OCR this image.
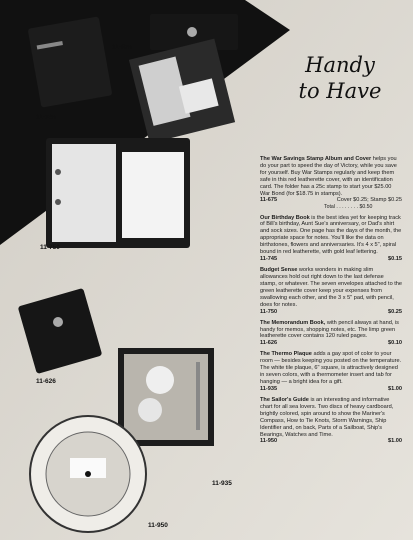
11-675
11-745
11-750
11-626
11-935
11-950
Handy
to Have

The War Savings Stamp Album and Cover helps you do your part to speed the day of Victory, while you save for yourself. Buy War Stamps regularly and keep them safe in this red leatherette cover, with an identification card. The folder has a 25c stamp to start your $25.00 War Bond (for $18.75 in stamps).
11-675	Cover $0.25; Stamp $0.25
Total . . . . . . . . $0.50

Our Birthday Book is the best idea yet for keeping track of Bill's birthday, Aunt Sue's anniversary, or Dad's shirt and sock sizes. One page has the days of the month, the appropriate space for notes. You'll like the data on birthstones, flowers and anniversaries. It's 4 x 5", spiral bound in red leatherette, with gold leaf lettering.
11-745	$0.15

Budget Sense works wonders in making slim allowances hold out right down to the last defense stamp, or whatever. The seven envelopes attached to the green leatherette cover keep your expenses from swallowing each other, and the 3 x 5" pad, with pencil, does for notes.
11-750	$0.25

The Memorandum Book, with pencil always at hand, is handy for memos, shopping notes, etc. The limp green leatherette cover contains 120 ruled pages.
11-626	$0.10

The Thermo Plaque adds a gay spot of color to your room — besides keeping you posted on the temperature. The white tile plaque, 6" square, is attractively designed in seven colors, with a thermometer insert and tab for hanging — a bright idea for a gift.
11-935	$1.00

The Sailor's Guide is an interesting and informative chart for all sea lovers. Two discs of heavy cardboard, brightly colored, spin around to show the Mariner's Compass, How to Tie Knots, Storm Warnings, Ship Identifier and, on back, Parts of a Sailboat, Ship's Bearings, Watches and Time.
11-950	$1.00
